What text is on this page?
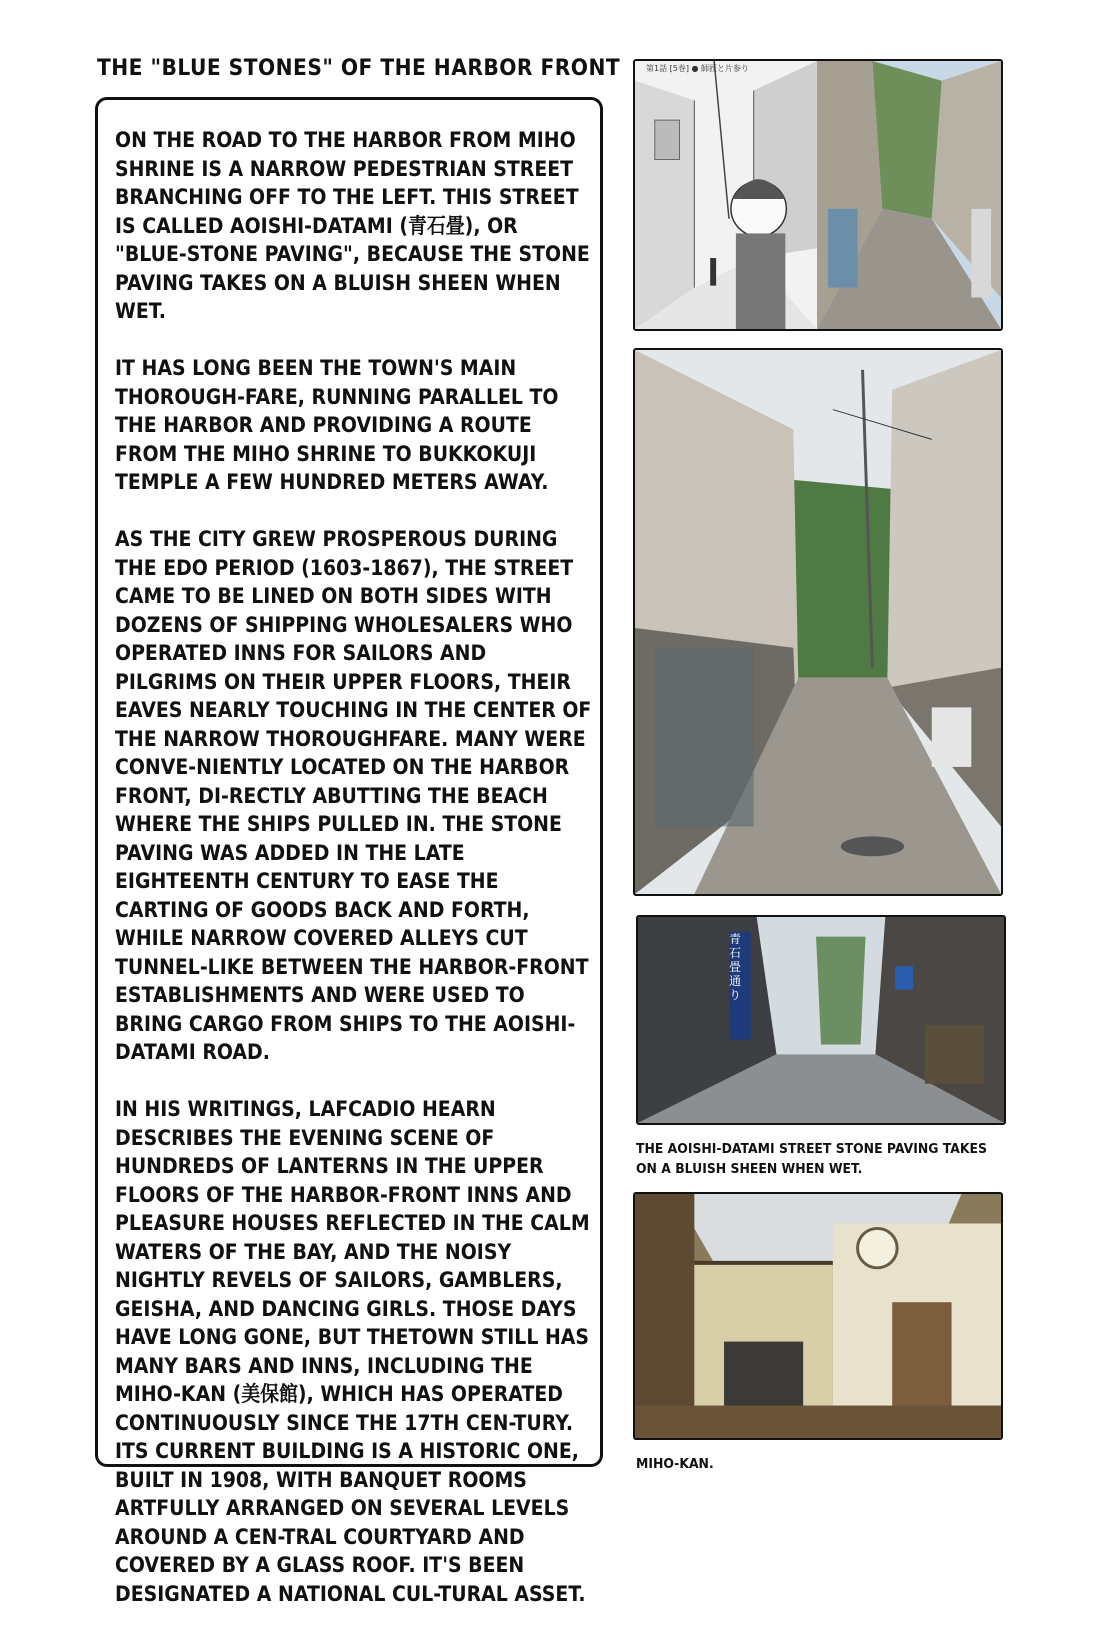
THE "BLUE STONES" OF THE HARBOR FRONT

ON THE ROAD TO THE HARBOR FROM MIHO SHRINE IS A NARROW PEDESTRIAN STREET BRANCHING OFF TO THE LEFT. THIS STREET IS CALLED AOISHI-DATAMI (青石畳), OR "BLUE-STONE PAVING", BECAUSE THE STONE PAVING TAKES ON A BLUISH SHEEN WHEN WET.

IT HAS LONG BEEN THE TOWN'S MAIN THOROUGH-FARE, RUNNING PARALLEL TO THE HARBOR AND PROVIDING A ROUTE FROM THE MIHO SHRINE TO BUKKOKUJI TEMPLE A FEW HUNDRED METERS AWAY.

AS THE CITY GREW PROSPEROUS DURING THE EDO PERIOD (1603-1867), THE STREET CAME TO BE LINED ON BOTH SIDES WITH DOZENS OF SHIPPING WHOLESALERS WHO OPERATED INNS FOR SAILORS AND PILGRIMS ON THEIR UPPER FLOORS, THEIR EAVES NEARLY TOUCHING IN THE CENTER OF THE NARROW THOROUGHFARE. MANY WERE CONVE-NIENTLY LOCATED ON THE HARBOR FRONT, DI-RECTLY ABUTTING THE BEACH WHERE THE SHIPS PULLED IN. THE STONE PAVING WAS ADDED IN THE LATE EIGHTEENTH CENTURY TO EASE THE CARTING OF GOODS BACK AND FORTH, WHILE NARROW COVERED ALLEYS CUT TUNNEL-LIKE BETWEEN THE HARBOR-FRONT ESTABLISHMENTS AND WERE USED TO BRING CARGO FROM SHIPS TO THE AOISHI-DATAMI ROAD.

IN HIS WRITINGS, LAFCADIO HEARN DESCRIBES THE EVENING SCENE OF HUNDREDS OF LANTERNS IN THE UPPER FLOORS OF THE HARBOR-FRONT INNS AND PLEASURE HOUSES REFLECTED IN THE CALM WATERS OF THE BAY, AND THE NOISY NIGHTLY REVELS OF SAILORS, GAMBLERS, GEISHA, AND DANCING GIRLS. THOSE DAYS HAVE LONG GONE, BUT THETOWN STILL HAS MANY BARS AND INNS, INCLUDING THE MIHO-KAN (美保館), WHICH HAS OPERATED CONTINUOUSLY SINCE THE 17TH CEN-TURY. ITS CURRENT BUILDING IS A HISTORIC ONE, BUILT IN 1908, WITH BANQUET ROOMS ARTFULLY ARRANGED ON SEVERAL LEVELS AROUND A CEN-TRAL COURTYARD AND COVERED BY A GLASS ROOF. IT'S BEEN DESIGNATED A NATIONAL CUL-TURAL ASSET.

第1話 [5巻] ● 師匠と片参り
青石畳通り
THE AOISHI-DATAMI STREET STONE PAVING TAKES ON A BLUISH SHEEN WHEN WET.
MIHO-KAN.
